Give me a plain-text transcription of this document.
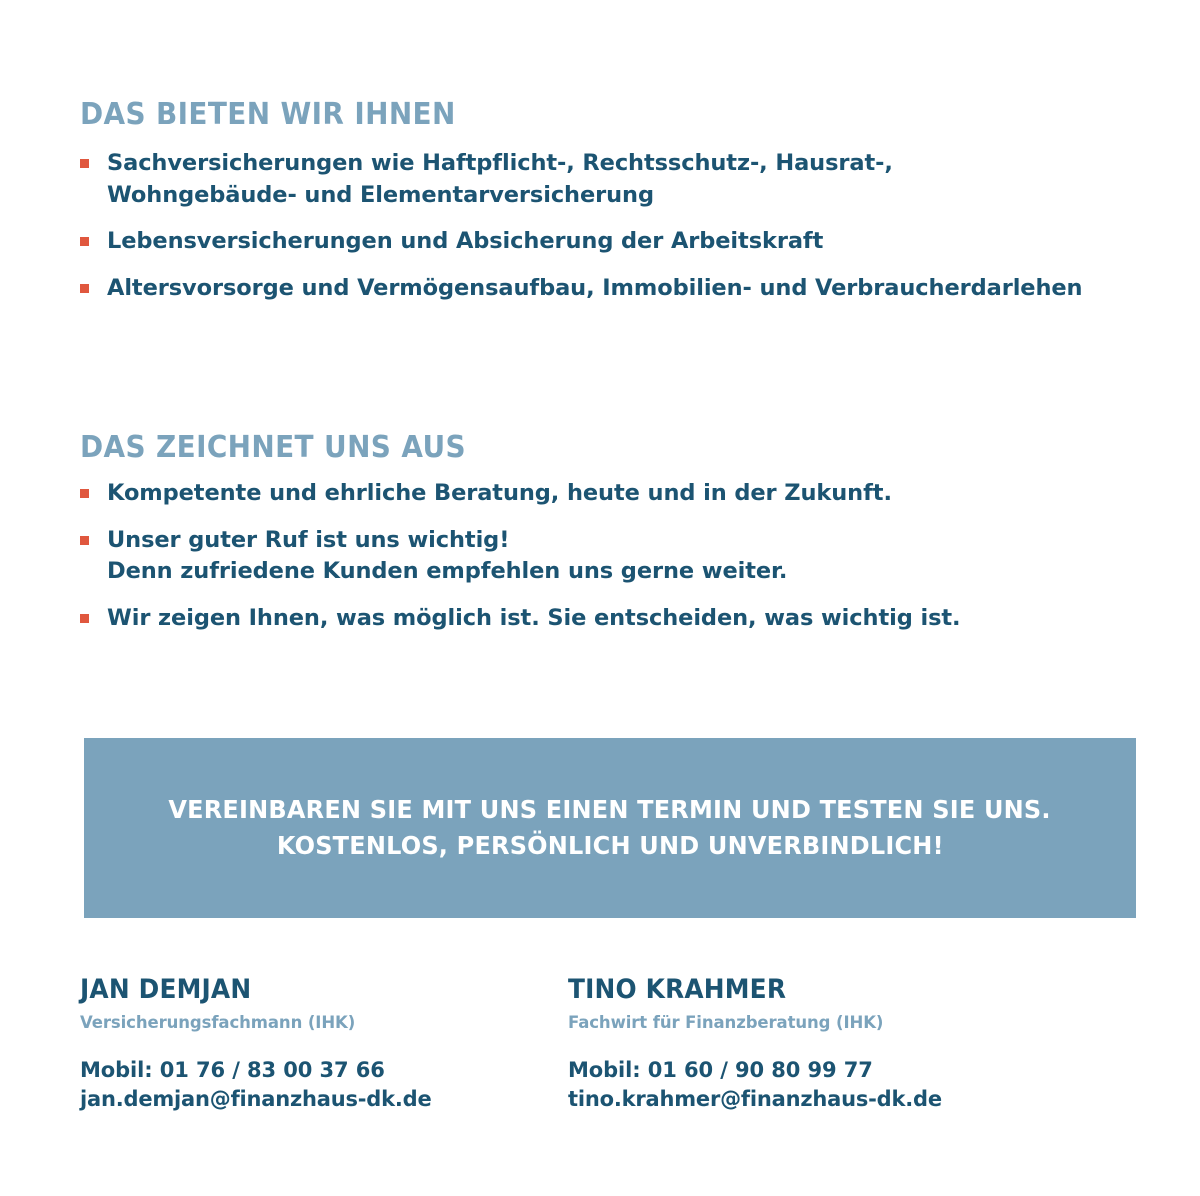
DAS BIETEN WIR IHNEN
Sachversicherungen wie Haftpflicht-, Rechtsschutz-, Hausrat-,
Wohngebäude- und Elementarversicherung
Lebensversicherungen und Absicherung der Arbeitskraft
Altersvorsorge und Vermögensaufbau, Immobilien- und Verbraucherdarlehen
DAS ZEICHNET UNS AUS
Kompetente und ehrliche Beratung, heute und in der Zukunft.
Unser guter Ruf ist uns wichtig!
Denn zufriedene Kunden empfehlen uns gerne weiter.
Wir zeigen Ihnen, was möglich ist. Sie entscheiden, was wichtig ist.
VEREINBAREN SIE MIT UNS EINEN TERMIN UND TESTEN SIE UNS.
KOSTENLOS, PERSÖNLICH UND UNVERBINDLICH!
JAN DEMJAN
Versicherungsfachmann (IHK)
Mobil: 01 76 / 83 00 37 66
jan.demjan@finanzhaus-dk.de
TINO KRAHMER
Fachwirt für Finanzberatung (IHK)
Mobil: 01 60 / 90 80 99 77
tino.krahmer@finanzhaus-dk.de
